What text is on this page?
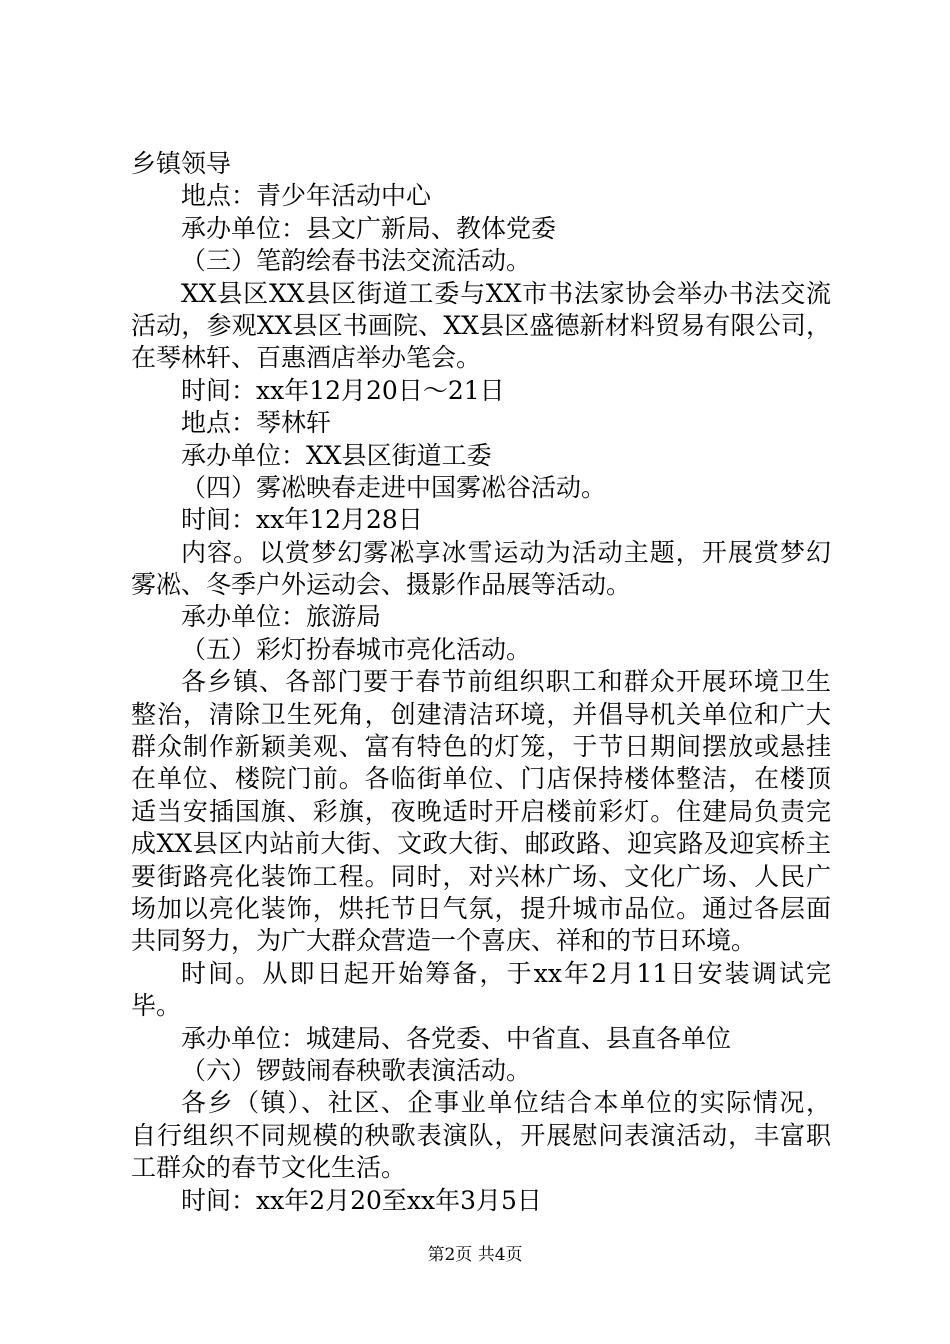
乡镇领导
地点：青少年活动中心
承办单位：县文广新局、教体党委
（三）笔韵绘春书法交流活动。
XX县区XX县区街道工委与XX市书法家协会举办书法交流
活动，参观XX县区书画院、XX县区盛德新材料贸易有限公司，
在琴林轩、百惠酒店举办笔会。
时间：xx年12月20日～21日
地点：琴林轩
承办单位：XX县区街道工委
（四）雾凇映春走进中国雾凇谷活动。
时间：xx年12月28日
内容。以赏梦幻雾凇享冰雪运动为活动主题，开展赏梦幻
雾凇、冬季户外运动会、摄影作品展等活动。
承办单位：旅游局
（五）彩灯扮春城市亮化活动。
各乡镇、各部门要于春节前组织职工和群众开展环境卫生
整治，清除卫生死角，创建清洁环境，并倡导机关单位和广大
群众制作新颖美观、富有特色的灯笼，于节日期间摆放或悬挂
在单位、楼院门前。各临街单位、门店保持楼体整洁，在楼顶
适当安插国旗、彩旗，夜晚适时开启楼前彩灯。住建局负责完
成XX县区内站前大街、文政大街、邮政路、迎宾路及迎宾桥主
要街路亮化装饰工程。同时，对兴林广场、文化广场、人民广
场加以亮化装饰，烘托节日气氛，提升城市品位。通过各层面
共同努力，为广大群众营造一个喜庆、祥和的节日环境。
时间。从即日起开始筹备，于xx年2月11日安装调试完
毕。
承办单位：城建局、各党委、中省直、县直各单位
（六）锣鼓闹春秧歌表演活动。
各乡（镇）、社区、企事业单位结合本单位的实际情况，
自行组织不同规模的秧歌表演队，开展慰问表演活动，丰富职
工群众的春节文化生活。
时间：xx年2月20至xx年3月5日
第2页 共4页
